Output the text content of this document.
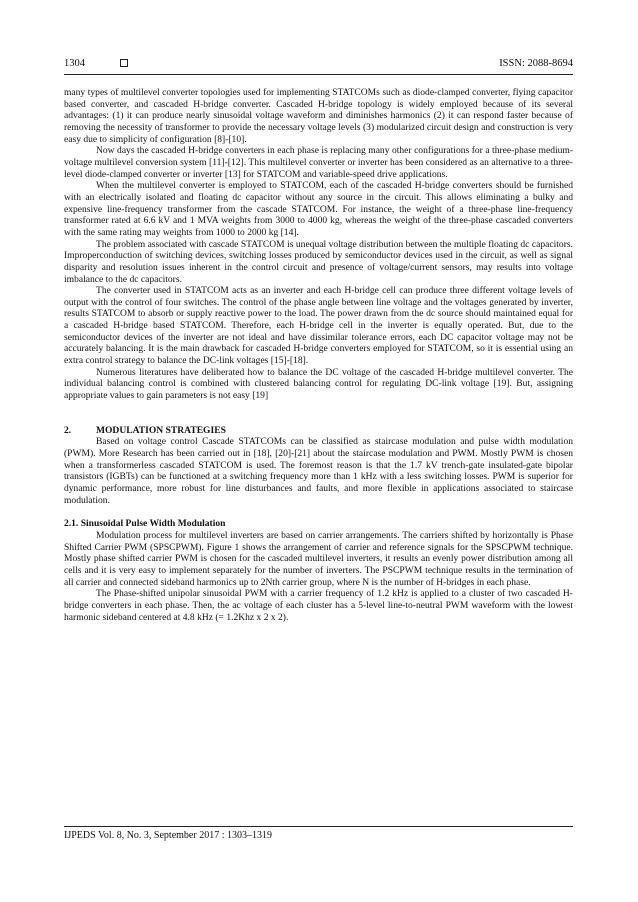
1304	ISSN: 2088-8694

many types of multilevel converter topologies used for implementing STATCOMs such as diode-clamped converter, flying capacitor based converter, and cascaded H-bridge converter. Cascaded H-bridge topology is widely employed because of its several advantages: (1) it can produce nearly sinusoidal voltage waveform and diminishes harmonics (2) it can respond faster because of removing the necessity of transformer to provide the necessary voltage levels (3) modularized circuit design and construction is very easy due to simplicity of configuration [8]-[10].

Now days the cascaded H-bridge converters in each phase is replacing many other configurations for a three-phase medium-voltage multilevel conversion system [11]-[12]. This multilevel converter or inverter has been considered as an alternative to a three-level diode-clamped converter or inverter [13] for STATCOM and variable-speed drive applications.

When the multilevel converter is employed to STATCOM, each of the cascaded H-bridge converters should be furnished with an electrically isolated and floating dc capacitor without any source in the circuit. This allows eliminating a bulky and expensive line-frequency transformer from the cascade STATCOM. For instance, the weight of a three-phase line-frequency transformer rated at 6.6 kV and 1 MVA weights from 3000 to 4000 kg, whereas the weight of the three-phase cascaded converters with the same rating may weights from 1000 to 2000 kg [14].

The problem associated with cascade STATCOM is unequal voltage distribution between the multiple floating dc capacitors. Improperconduction of switching devices, switching losses produced by semiconductor devices used in the circuit, as well as signal disparity and resolution issues inherent in the control circuit and presence of voltage/current sensors, may results into voltage imbalance to the dc capacitors.

The converter used in STATCOM acts as an inverter and each H-bridge cell can produce three different voltage levels of output with the control of four switches. The control of the phase angle between line voltage and the voltages generated by inverter, results STATCOM to absorb or supply reactive power to the load. The power drawn from the dc source should maintained equal for a cascaded H-bridge based STATCOM. Therefore, each H-bridge cell in the inverter is equally operated. But, due to the semiconductor devices of the inverter are not ideal and have dissimilar tolerance errors, each DC capacitor voltage may not be accurately balancing. It is the main drawback for cascaded H-bridge converters employed for STATCOM, so it is essential using an extra control strategy to balance the DC-link voltages [15]-[18].

Numerous literatures have deliberated how to balance the DC voltage of the cascaded H-bridge multilevel converter. The individual balancing control is combined with clustered balancing control for regulating DC-link voltage [19]. But, assigning appropriate values to gain parameters is not easy [19]

2.	MODULATION STRATEGIES

Based on voltage control Cascade STATCOMs can be classified as staircase modulation and pulse width modulation (PWM). More Research has been carried out in [18], [20]-[21] about the staircase modulation and PWM. Mostly PWM is chosen when a transformerless cascaded STATCOM is used. The foremost reason is that the 1.7 kV trench-gate insulated-gate bipolar transistors (IGBTs) can be functioned at a switching frequency more than 1 kHz with a less switching losses. PWM is superior for dynamic performance, more robust for line disturbances and faults, and more flexible in applications associated to staircase modulation.

2.1. Sinusoidal Pulse Width Modulation

Modulation process for multilevel inverters are based on carrier arrangements. The carriers shifted by horizontally is Phase Shifted Carrier PWM (SPSCPWM). Figure 1 shows the arrangement of carrier and reference signals for the SPSCPWM technique. Mostly phase shifted carrier PWM is chosen for the cascaded multilevel inverters, it results an evenly power distribution among all cells and it is very easy to implement separately for the number of inverters. The PSCPWM technique results in the termination of all carrier and connected sideband harmonics up to 2Nth carrier group, where N is the number of H-bridges in each phase.

The Phase-shifted unipolar sinusoidal PWM with a carrier frequency of 1.2 kHz is applied to a cluster of two cascaded H-bridge converters in each phase. Then, the ac voltage of each cluster has a 5-level line-to-neutral PWM waveform with the lowest harmonic sideband centered at 4.8 kHz (= 1.2Khz x 2 x 2).

IJPEDS Vol. 8, No. 3, September 2017 : 1303–1319
